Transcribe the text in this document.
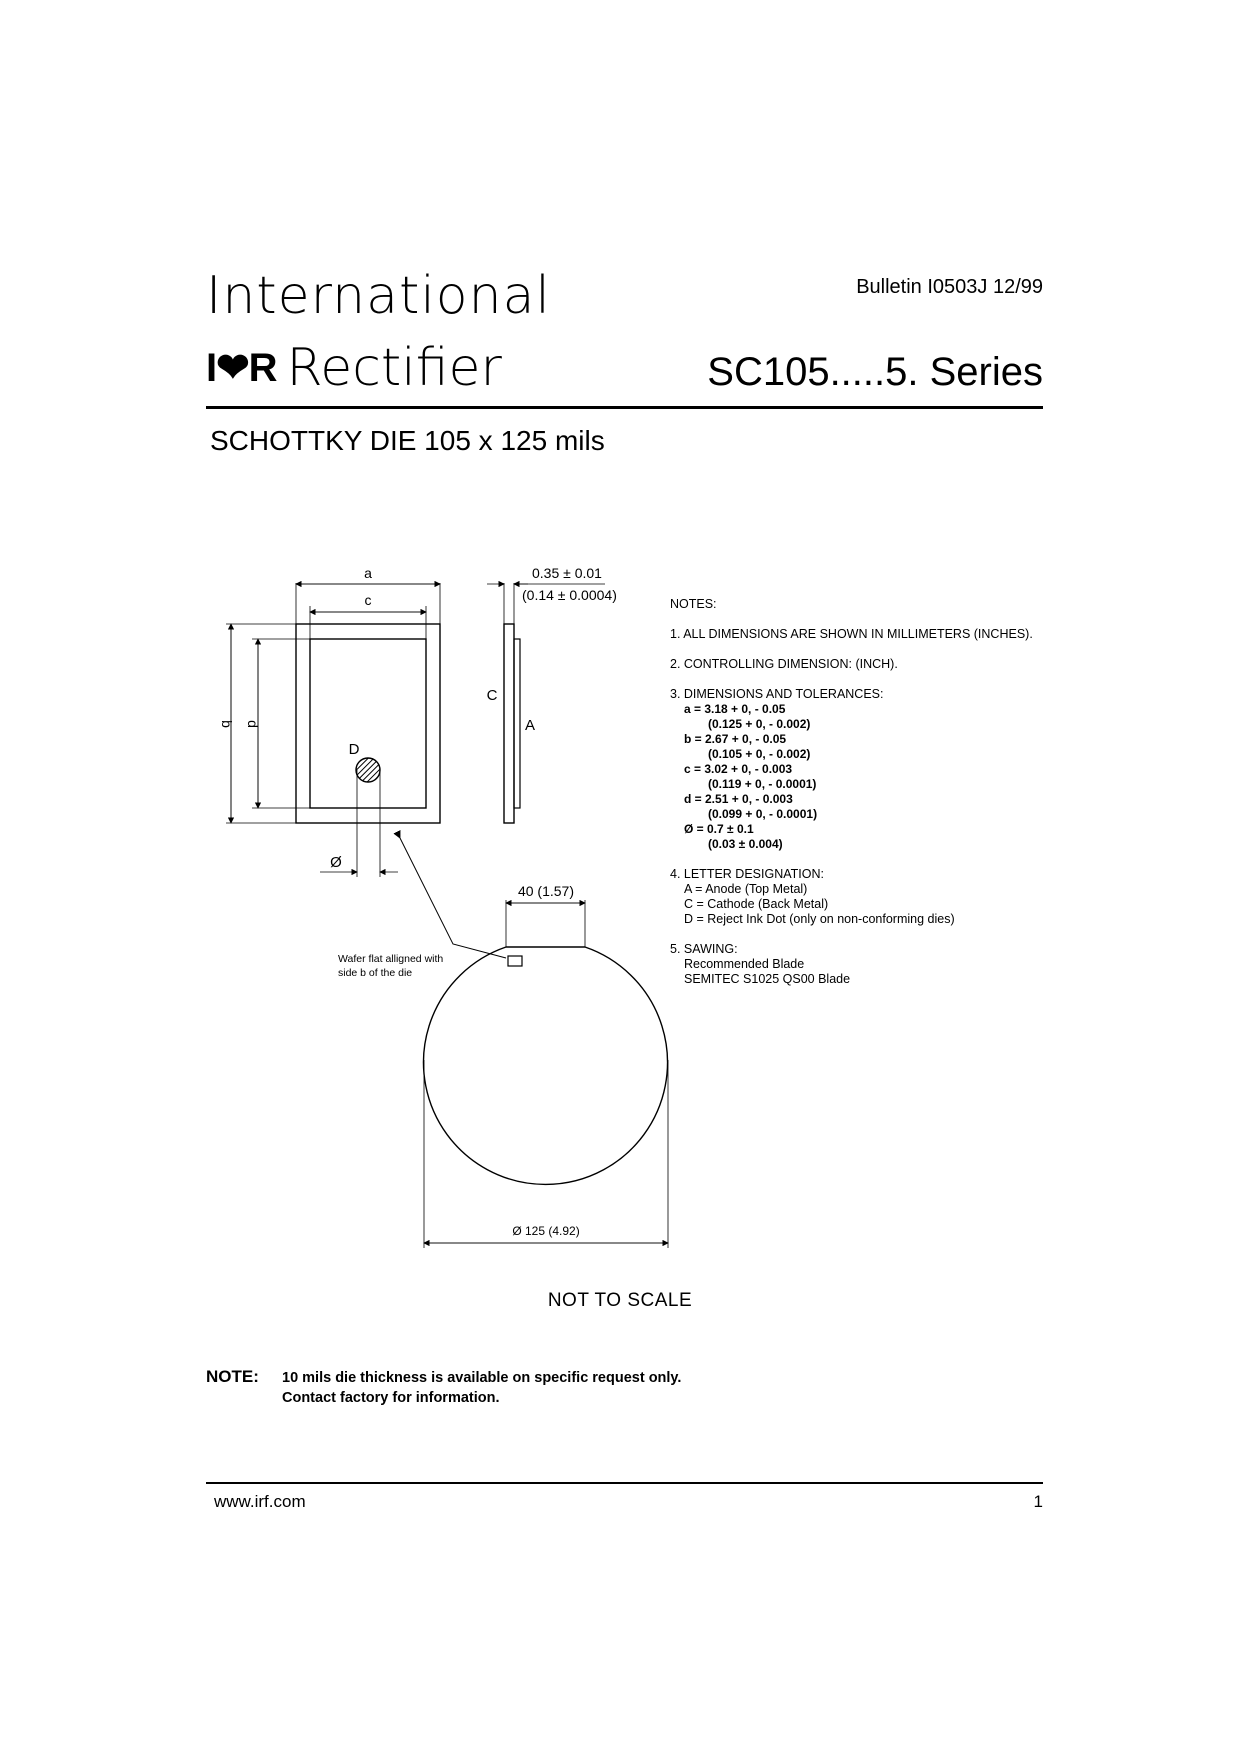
International
I❤R Rectifier
Bulletin I0503J 12/99
SC105.....5. Series
SCHOTTKY DIE 105 x 125 mils
a
c
b d
D
Ø
0.35 ± 0.01
(0.14 ± 0.0004)
C
A
40 (1.57)
Ø 125 (4.92)
Wafer flat alligned with
side b of the die
NOTES:
1. ALL DIMENSIONS ARE SHOWN IN MILLIMETERS (INCHES).
2. CONTROLLING DIMENSION: (INCH).
3. DIMENSIONS AND TOLERANCES:
a = 3.18 + 0, - 0.05
(0.125 + 0, - 0.002)
b = 2.67 + 0, - 0.05
(0.105 + 0, - 0.002)
c = 3.02 + 0, - 0.003
(0.119 + 0, - 0.0001)
d = 2.51 + 0, - 0.003
(0.099 + 0, - 0.0001)
Ø = 0.7 ± 0.1
(0.03 ± 0.004)
4. LETTER DESIGNATION:
A = Anode (Top Metal)
C = Cathode (Back Metal)
D = Reject Ink Dot (only on non-conforming dies)
5. SAWING:
Recommended Blade
SEMITEC S1025 QS00 Blade
NOT TO SCALE
NOTE: 10 mils die thickness is available on specific request only.
Contact factory for information.
www.irf.com	1
